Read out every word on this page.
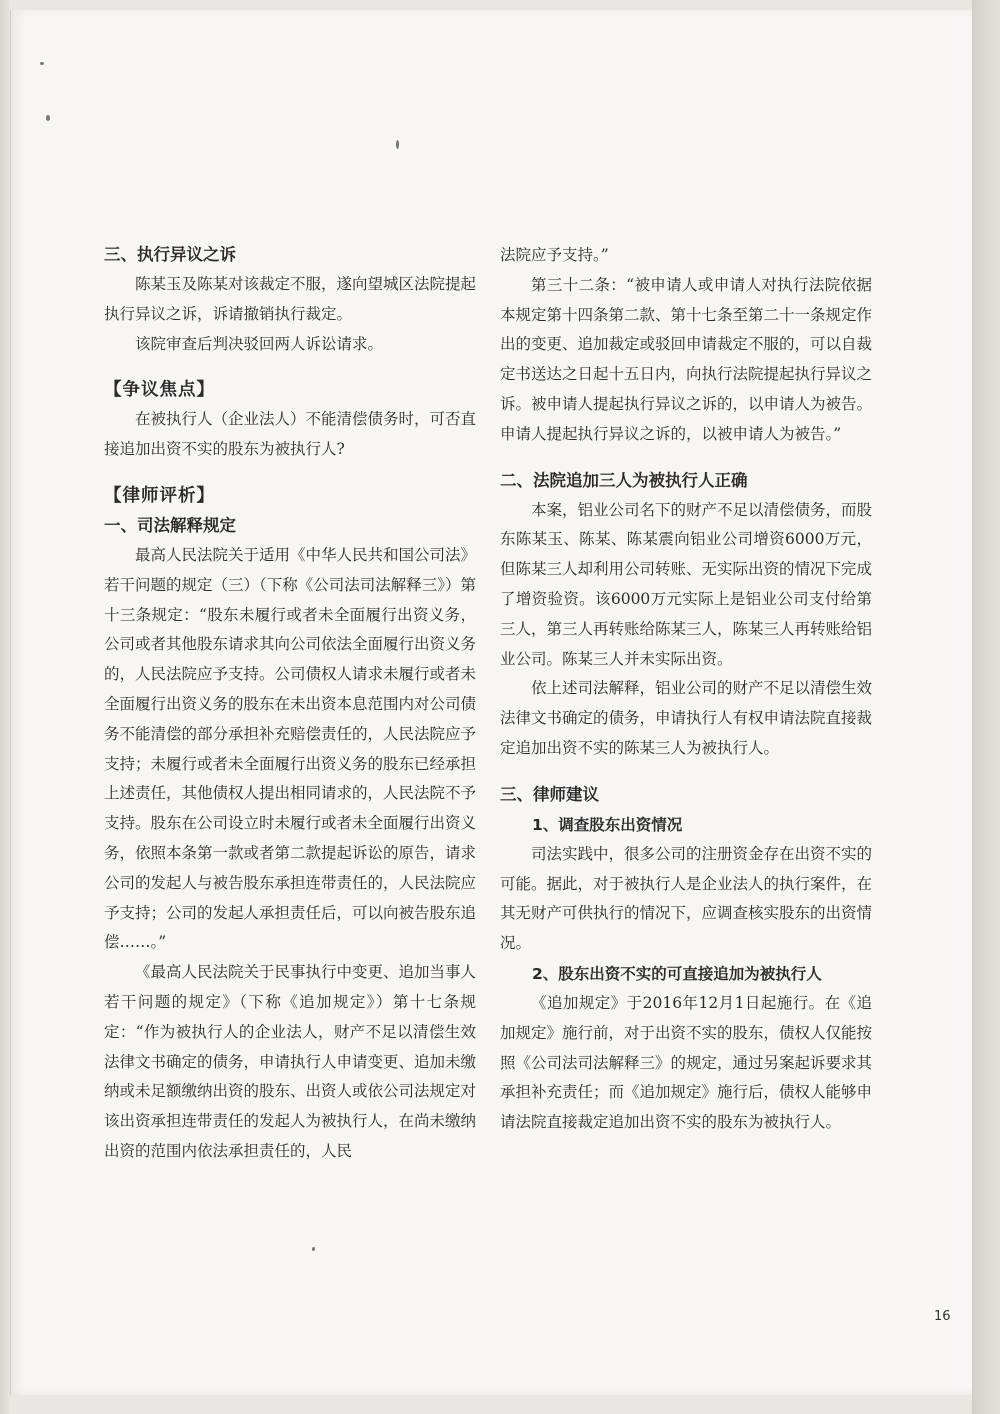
三、执行异议之诉

陈某玉及陈某对该裁定不服，遂向望城区法院提起执行异议之诉，诉请撤销执行裁定。

该院审查后判决驳回两人诉讼请求。

【争议焦点】

在被执行人（企业法人）不能清偿债务时，可否直接追加出资不实的股东为被执行人?

【律师评析】
一、司法解释规定

最高人民法院关于适用《中华人民共和国公司法》若干问题的规定（三）（下称《公司法司法解释三》）第十三条规定：“股东未履行或者未全面履行出资义务，公司或者其他股东请求其向公司依法全面履行出资义务的，人民法院应予支持。公司债权人请求未履行或者未全面履行出资义务的股东在未出资本息范围内对公司债务不能清偿的部分承担补充赔偿责任的，人民法院应予支持；未履行或者未全面履行出资义务的股东已经承担上述责任，其他债权人提出相同请求的，人民法院不予支持。股东在公司设立时未履行或者未全面履行出资义务，依照本条第一款或者第二款提起诉讼的原告，请求公司的发起人与被告股东承担连带责任的，人民法院应予支持；公司的发起人承担责任后，可以向被告股东追偿……。”

《最高人民法院关于民事执行中变更、追加当事人若干问题的规定》（下称《追加规定》）第十七条规定：“作为被执行人的企业法人，财产不足以清偿生效法律文书确定的债务，申请执行人申请变更、追加未缴纳或未足额缴纳出资的股东、出资人或依公司法规定对该出资承担连带责任的发起人为被执行人，在尚未缴纳出资的范围内依法承担责任的，人民

法院应予支持。”

第三十二条：“被申请人或申请人对执行法院依据本规定第十四条第二款、第十七条至第二十一条规定作出的变更、追加裁定或驳回申请裁定不服的，可以自裁定书送达之日起十五日内，向执行法院提起执行异议之诉。被申请人提起执行异议之诉的，以申请人为被告。申请人提起执行异议之诉的，以被申请人为被告。”

二、法院追加三人为被执行人正确

本案，铝业公司名下的财产不足以清偿债务，而股东陈某玉、陈某、陈某震向铝业公司增资6000万元，但陈某三人却利用公司转账、无实际出资的情况下完成了增资验资。该6000万元实际上是铝业公司支付给第三人，第三人再转账给陈某三人，陈某三人再转账给铝业公司。陈某三人并未实际出资。

依上述司法解释，铝业公司的财产不足以清偿生效法律文书确定的债务，申请执行人有权申请法院直接裁定追加出资不实的陈某三人为被执行人。

三、律师建议
1、调查股东出资情况

司法实践中，很多公司的注册资金存在出资不实的可能。据此，对于被执行人是企业法人的执行案件，在其无财产可供执行的情况下，应调查核实股东的出资情况。

2、股东出资不实的可直接追加为被执行人

《追加规定》于2016年12月1日起施行。在《追加规定》施行前，对于出资不实的股东，债权人仅能按照《公司法司法解释三》的规定，通过另案起诉要求其承担补充责任；而《追加规定》施行后，债权人能够申请法院直接裁定追加出资不实的股东为被执行人。

16
